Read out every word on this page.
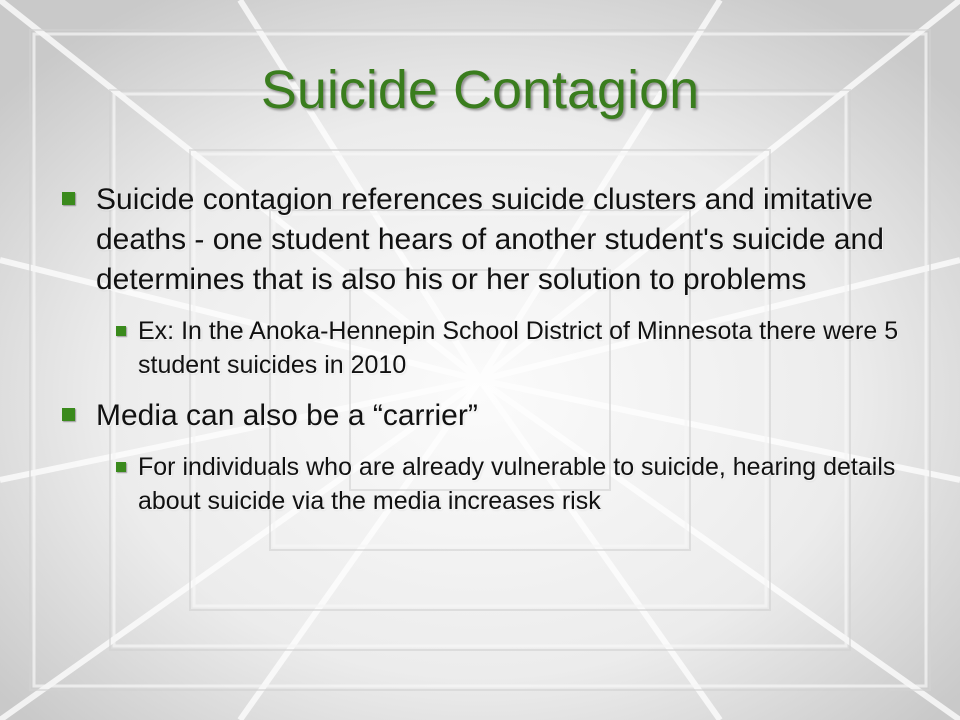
Suicide Contagion
Suicide contagion references suicide clusters and imitative deaths - one student hears of another student's suicide and determines that is also his or her solution to problems
Ex: In the Anoka-Hennepin School District of Minnesota there were 5 student suicides in 2010
Media can also be a “carrier”
For individuals who are already vulnerable to suicide, hearing details about suicide via the media increases risk
